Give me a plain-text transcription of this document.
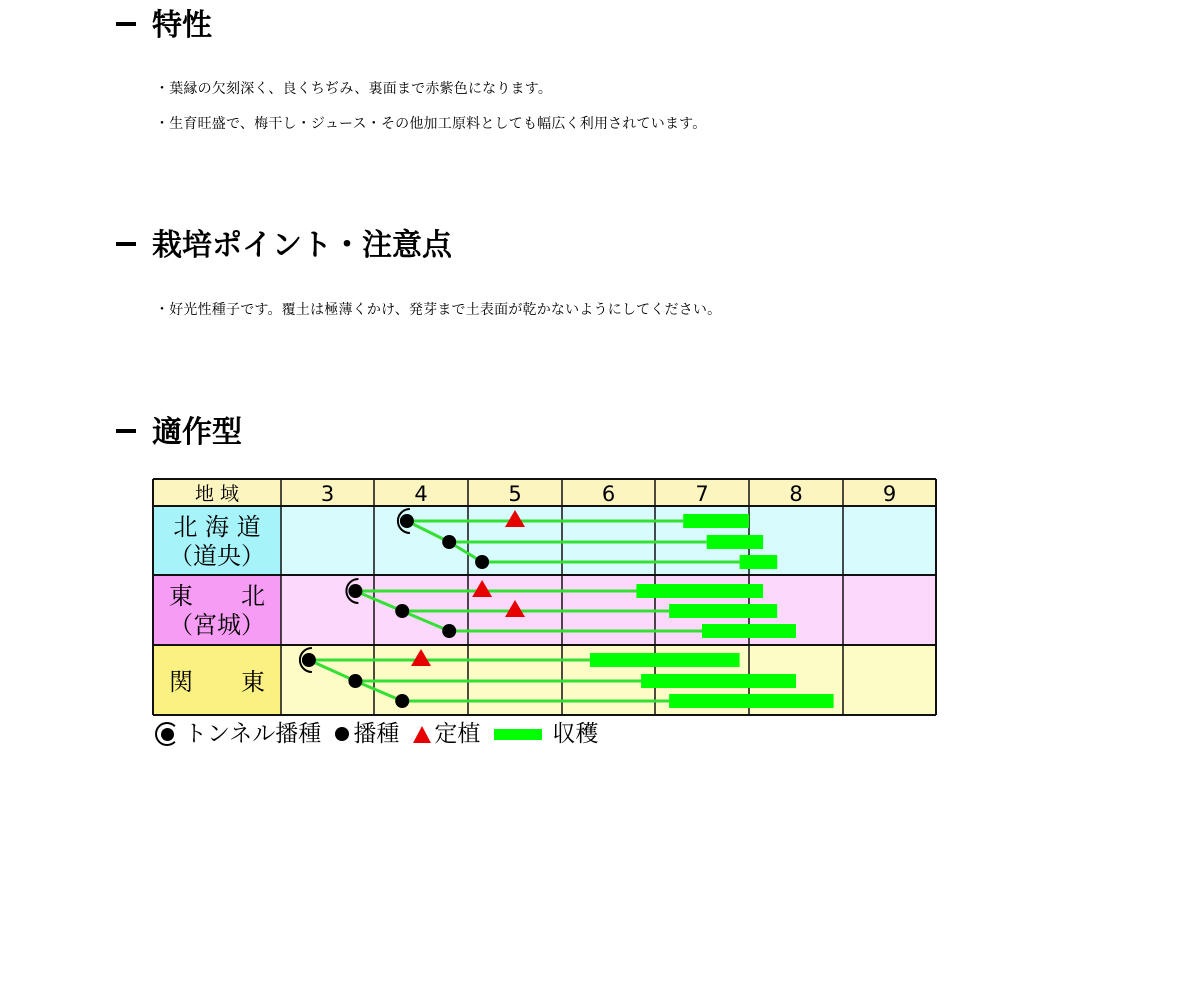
特性
・葉縁の欠刻深く、良くちぢみ、裏面まで赤紫色になります。
・生育旺盛で、梅干し・ジュース・その他加工原料としても幅広く利用されています。
栽培ポイント・注意点
・好光性種子です。覆土は極薄くかけ、発芽まで土表面が乾かないようにしてください。
適作型
地 域	3	4	5	6	7	8	9
北 海 道
（道央）
東　　北
（宮城）
関　　東
トンネル播種 播種 定植	収穫
